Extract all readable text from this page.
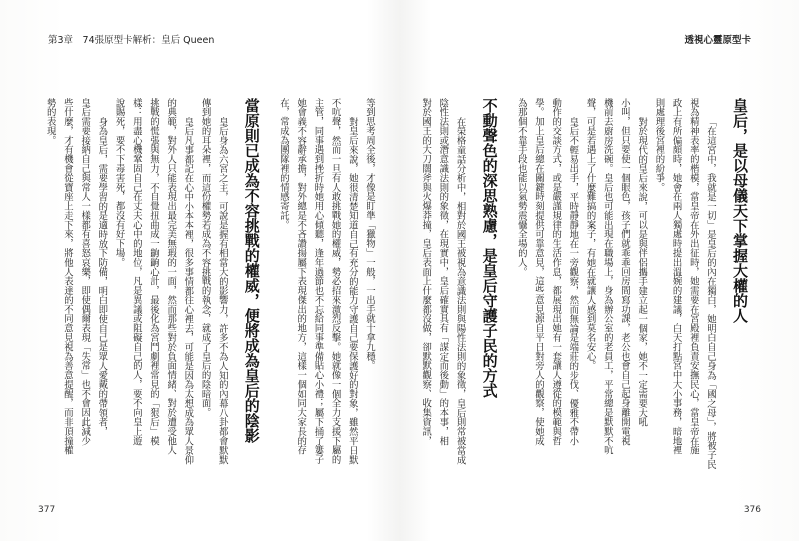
第3章　74張原型卡解析：皇后 Queen	透視心靈原型卡
等到思考周全後，才像是盯準「獵物」一般，一出手就十拿九穩。
對皇后來說，她很清楚知道自己有充分的能力守護自己要保護好的對象，雖然平日默
不吭聲，然而一旦有人敢挑戰她的權威，勢必招來激烈反擊。她就像一個全力支援下屬的
主管，同事遇到挫折時她用心傾聽，逢年過節也不忘給同事準備貼心小禮；屬下捅了簍子
她會義不容辭承擔，對外總是不吝讚揚屬下表現傑出的地方，這樣一個如同大家長的存
在，常成為團隊裡的情感寄託。
當原則已成為不容挑戰的權威，便將成為皇后的陰影
皇后身為六宮之主，可說是握有相當大的影響力，許多不為人知的內幕八卦都會默默
傳到她的耳朵裡，而這份權勢若成為不容挑戰的執念，就成了皇后的陰暗面。
皇后凡事都記在心中小本本裡，很多事情都往心裡去，可能是因為太想成為眾人景仰
的典範，對外人只能表現出最完美無瑕的一面，然而那些對於負面情緒、對於遭受他人
挑戰的慌張與無力，不自覺扭曲成一齣齣心計，最後化為宮鬥劇裡常見的「狠后」模
樣：用盡心機鞏固自己在丈夫心中的地位，凡是異議或阻礙自己的人，要不向皇上遊
說賜死，要不下毒害死，都沒有好下場。
身為皇后，需要學習的是適時放下防備，明白即使自己是眾人愛戴的帶領者，
皇后需要接納自己與常人一樣都有喜怒哀樂，即使偶爾表現「失常」也不會因此減少
些什麼，才有機會從寶座上走下來，將他人表達的不同意見視為善意提醒，而非頂撞權
勢的表現。	皇后，是以母儀天下掌握大權的人
「在這宮中，我就是一切」是皇后的內在獨白，她明白自己身為「國之母」，將被子民
視為精神表率的楷模，當皇帝在外出征時，她需要在宮殿裡負責安撫民心，當皇帝在施
政上有所偏頗時，她會在兩人獨處時提出溫婉的建議，白天打點宮中大小事務，暗地裡
則處理後宮裡的紛爭。
對於現代的皇后來說，可以是與伴侶攜手建立起一個家，她不一定需要大吼
小叫，但只要使一個眼色，孩子們就乖乖回房間寫功課，老公也會自己起身離開電視
機前去廚房洗碗。皇后也可能出現在職場上，身為辦公室的老員工，平常總是默默不吭
聲，可是若遇上了什麼難搞的案子，有她在就讓人感到莫名安心。
皇后不輕易出手，平時靜靜地在一旁觀察，然而無論是端莊的步伐、優雅不帶小
動作的交談方式，或是嚴謹規律的生活作息，都展現出她有一套讓人遵從的模範與哲
學。加上皇后總在關鍵時刻提供可靠意見，這些意見源自平日對旁人的觀察，使她成
為那個不靠手段也能以氣勢震懾全場的人。
不動聲色的深思熟慮，是皇后守護子民的方式
在榮格童話分析中，相對於國王被視為意識法則與陽性法則的象徵，皇后則常被當成
陰性法則或潛意識法則的象徵，在現實中，皇后確實具有「謀定而後動」的本事，相
對於國王的大刀闊斧與火爆莽撞，皇后表面上什麼都沒做，卻默默觀察、收集資訊，
377	376
